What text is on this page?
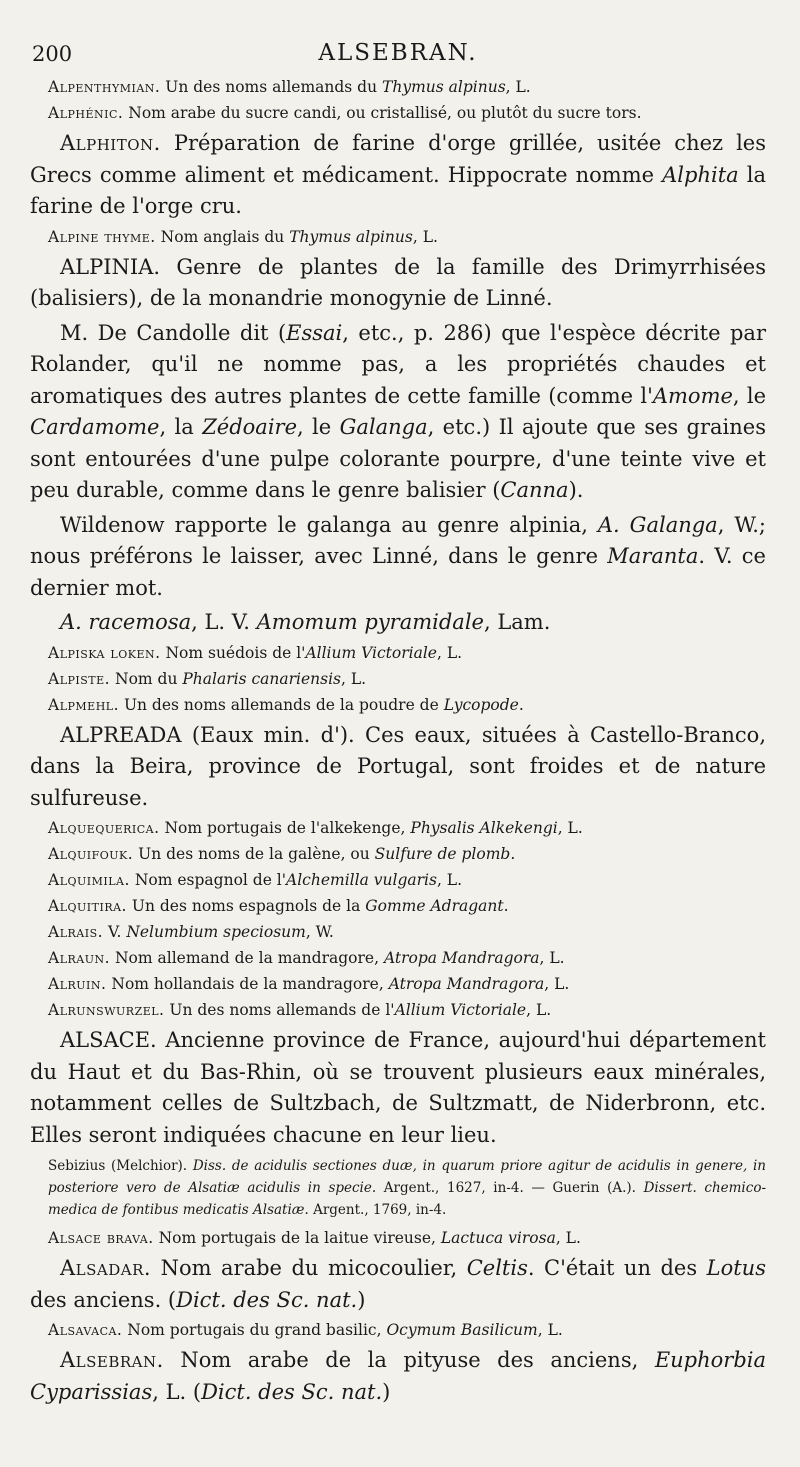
200	ALSEBRAN.

Alpenthymian. Un des noms allemands du Thymus alpinus, L.

Alphénic. Nom arabe du sucre candi, ou cristallisé, ou plutôt du sucre tors.

Alphiton. Préparation de farine d'orge grillée, usitée chez les Grecs comme aliment et médicament. Hippocrate nomme Alphita la farine de l'orge cru.

Alpine thyme. Nom anglais du Thymus alpinus, L.

ALPINIA. Genre de plantes de la famille des Drimyrrhisées (balisiers), de la monandrie monogynie de Linné.

M. De Candolle dit (Essai, etc., p. 286) que l'espèce décrite par Rolander, qu'il ne nomme pas, a les propriétés chaudes et aromatiques des autres plantes de cette famille (comme l'Amome, le Cardamome, la Zédoaire, le Galanga, etc.) Il ajoute que ses graines sont entourées d'une pulpe colorante pourpre, d'une teinte vive et peu durable, comme dans le genre balisier (Canna).

Wildenow rapporte le galanga au genre alpinia, A. Galanga, W.; nous préférons le laisser, avec Linné, dans le genre Maranta. V. ce dernier mot.

A. racemosa, L. V. Amomum pyramidale, Lam.

Alpiska loken. Nom suédois de l'Allium Victoriale, L.

Alpiste. Nom du Phalaris canariensis, L.

Alpmehl. Un des noms allemands de la poudre de Lycopode.

ALPREADA (Eaux min. d'). Ces eaux, situées à Castello-Branco, dans la Beira, province de Portugal, sont froides et de nature sulfureuse.

Alquequerica. Nom portugais de l'alkekenge, Physalis Alkekengi, L.

Alquifouk. Un des noms de la galène, ou Sulfure de plomb.

Alquimila. Nom espagnol de l'Alchemilla vulgaris, L.

Alquitira. Un des noms espagnols de la Gomme Adragant.

Alrais. V. Nelumbium speciosum, W.

Alraun. Nom allemand de la mandragore, Atropa Mandragora, L.

Alruin. Nom hollandais de la mandragore, Atropa Mandragora, L.

Alrunswurzel. Un des noms allemands de l'Allium Victoriale, L.

ALSACE. Ancienne province de France, aujourd'hui département du Haut et du Bas-Rhin, où se trouvent plusieurs eaux minérales, notamment celles de Sultzbach, de Sultzmatt, de Niderbronn, etc. Elles seront indiquées chacune en leur lieu.

Sebizius (Melchior). Diss. de acidulis sectiones duæ, in quarum priore agitur de acidulis in genere, in posteriore vero de Alsatiæ acidulis in specie. Argent., 1627, in-4. — Guerin (A.). Dissert. chemico-medica de fontibus medicatis Alsatiæ. Argent., 1769, in-4.

Alsace brava. Nom portugais de la laitue vireuse, Lactuca virosa, L.

Alsadar. Nom arabe du micocoulier, Celtis. C'était un des Lotus des anciens. (Dict. des Sc. nat.)

Alsavaca. Nom portugais du grand basilic, Ocymum Basilicum, L.

Alsebran. Nom arabe de la pityuse des anciens, Euphorbia Cyparissias, L. (Dict. des Sc. nat.)
